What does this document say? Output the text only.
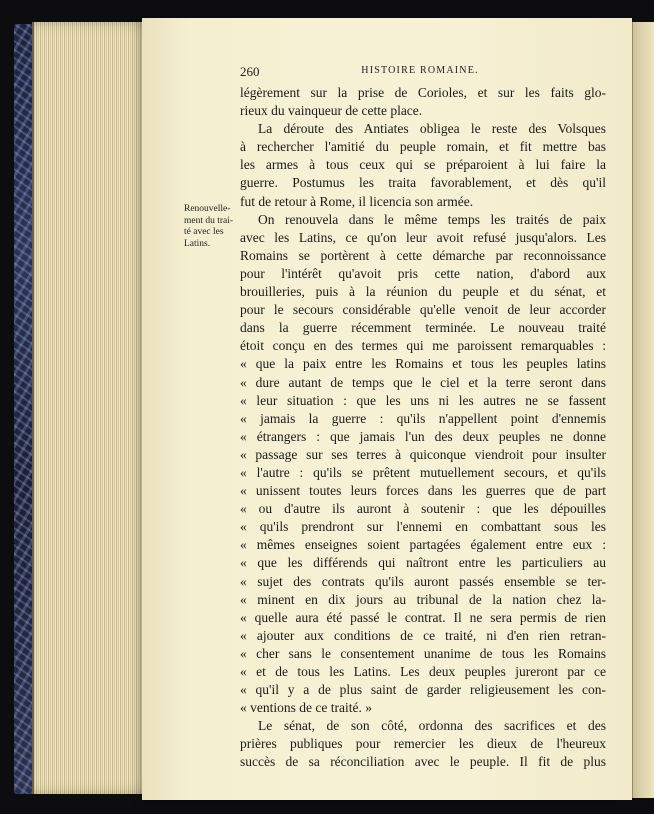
260	HISTOIRE ROMAINE.
Renouvelle-
ment du trai-
té avec les
Latins.
légèrement sur la prise de Corioles, et sur les faits glo-
rieux du vainqueur de cette place.
La déroute des Antiates obligea le reste des Volsques
à rechercher l'amitié du peuple romain, et fit mettre bas
les armes à tous ceux qui se préparoient à lui faire la
guerre. Postumus les traita favorablement, et dès qu'il
fut de retour à Rome, il licencia son armée.
On renouvela dans le même temps les traités de paix
avec les Latins, ce qu'on leur avoit refusé jusqu'alors. Les
Romains se portèrent à cette démarche par reconnoissance
pour l'intérêt qu'avoit pris cette nation, d'abord aux
brouilleries, puis à la réunion du peuple et du sénat, et
pour le secours considérable qu'elle venoit de leur accorder
dans la guerre récemment terminée. Le nouveau traité
étoit conçu en des termes qui me paroissent remarquables :
« que la paix entre les Romains et tous les peuples latins
« dure autant de temps que le ciel et la terre seront dans
« leur situation : que les uns ni les autres ne se fassent
« jamais la guerre : qu'ils n'appellent point d'ennemis
« étrangers : que jamais l'un des deux peuples ne donne
« passage sur ses terres à quiconque viendroit pour insulter
« l'autre : qu'ils se prêtent mutuellement secours, et qu'ils
« unissent toutes leurs forces dans les guerres que de part
« ou d'autre ils auront à soutenir : que les dépouilles
« qu'ils prendront sur l'ennemi en combattant sous les
« mêmes enseignes soient partagées également entre eux :
« que les différends qui naîtront entre les particuliers au
« sujet des contrats qu'ils auront passés ensemble se ter-
« minent en dix jours au tribunal de la nation chez la-
« quelle aura été passé le contrat. Il ne sera permis de rien
« ajouter aux conditions de ce traité, ni d'en rien retran-
« cher sans le consentement unanime de tous les Romains
« et de tous les Latins. Les deux peuples jureront par ce
« qu'il y a de plus saint de garder religieusement les con-
« ventions de ce traité. »
Le sénat, de son côté, ordonna des sacrifices et des
prières publiques pour remercier les dieux de l'heureux
succès de sa réconciliation avec le peuple. Il fit de plus
